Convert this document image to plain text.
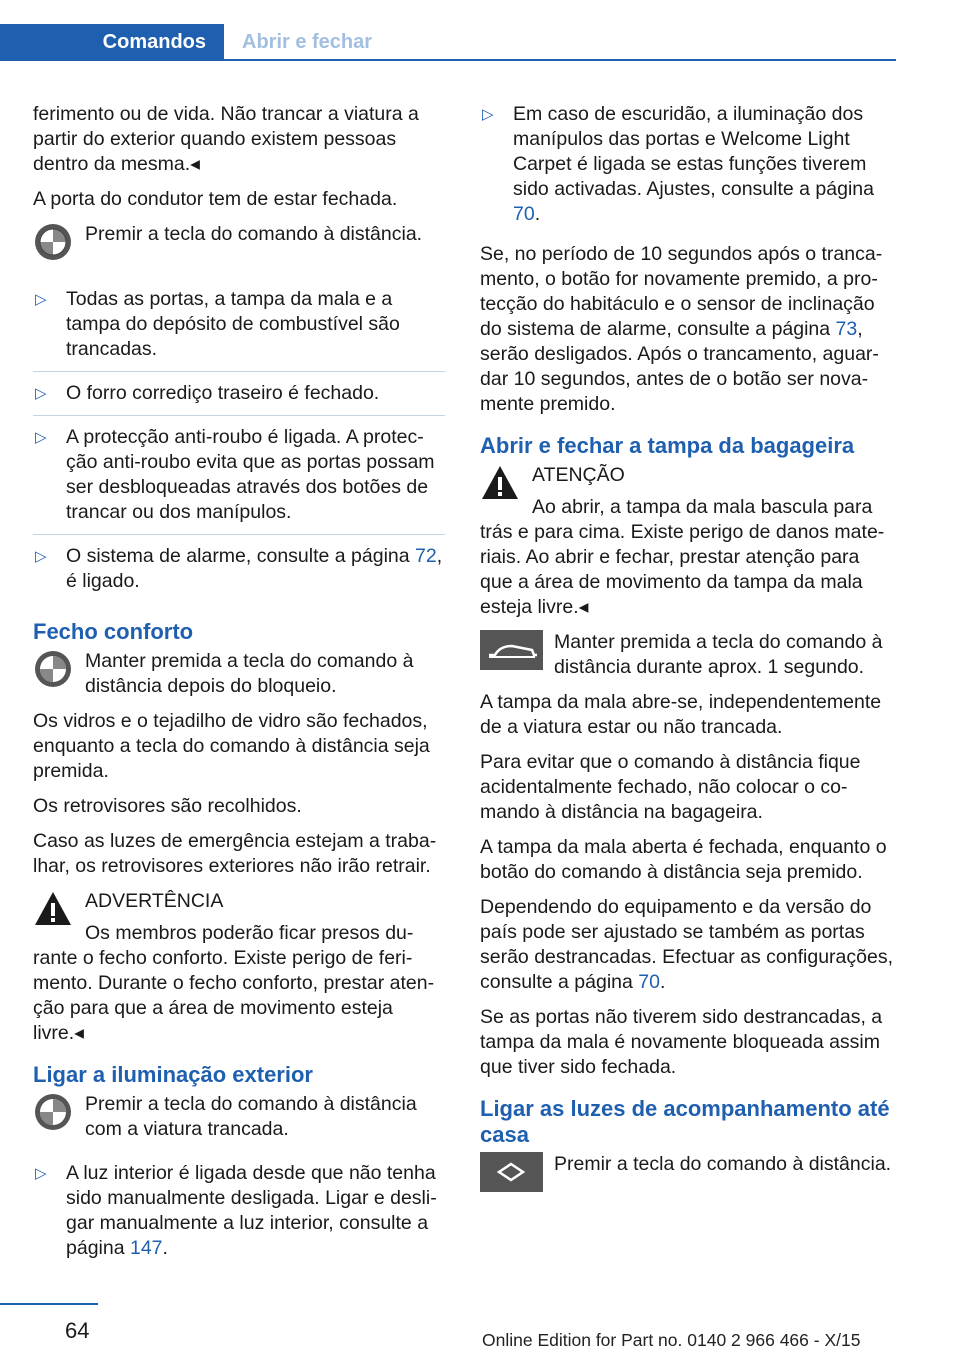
Comandos	Abrir e fechar
ferimento ou de vida. Não trancar a viatura a partir do exterior quando existem pessoas dentro da mesma.◂
A porta do condutor tem de estar fechada.
Premir a tecla do comando à distância.
▷ Todas as portas, a tampa da mala e a tampa do depósito de combustível são trancadas.
▷ O forro corrediço traseiro é fechado.
▷ A protecção anti-roubo é ligada. A protecção anti-roubo evita que as portas possam ser desbloqueadas através dos botões de trancar ou dos manípulos.
▷ O sistema de alarme, consulte a página 72, é ligado.
Fecho conforto
Manter premida a tecla do comando à distância depois do bloqueio.
Os vidros e o tejadilho de vidro são fechados, enquanto a tecla do comando à distância seja premida.
Os retrovisores são recolhidos.
Caso as luzes de emergência estejam a trabalhar, os retrovisores exteriores não irão retrair.
ADVERTÊNCIA
Os membros poderão ficar presos durante o fecho conforto. Existe perigo de ferimento. Durante o fecho conforto, prestar atenção para que a área de movimento esteja livre.◂
Ligar a iluminação exterior
Premir a tecla do comando à distância com a viatura trancada.
▷ A luz interior é ligada desde que não tenha sido manualmente desligada. Ligar e desligar manualmente a luz interior, consulte a página 147.
▷ Em caso de escuridão, a iluminação dos manípulos das portas e Welcome Light Carpet é ligada se estas funções tiverem sido activadas. Ajustes, consulte a página 70.
Se, no período de 10 segundos após o trancamento, o botão for novamente premido, a protecção do habitáculo e o sensor de inclinação do sistema de alarme, consulte a página 73, serão desligados. Após o trancamento, aguardar 10 segundos, antes de o botão ser novamente premido.
Abrir e fechar a tampa da bagageira
ATENÇÃO
Ao abrir, a tampa da mala bascula para trás e para cima. Existe perigo de danos materiais. Ao abrir e fechar, prestar atenção para que a área de movimento da tampa da mala esteja livre.◂
Manter premida a tecla do comando à distância durante aprox. 1 segundo.
A tampa da mala abre-se, independentemente de a viatura estar ou não trancada.
Para evitar que o comando à distância fique acidentalmente fechado, não colocar o comando à distância na bagageira.
A tampa da mala aberta é fechada, enquanto o botão do comando à distância seja premido.
Dependendo do equipamento e da versão do país pode ser ajustado se também as portas serão destrancadas. Efectuar as configurações, consulte a página 70.
Se as portas não tiverem sido destrancadas, a tampa da mala é novamente bloqueada assim que tiver sido fechada.
Ligar as luzes de acompanhamento até casa
Premir a tecla do comando à distância.
64	Online Edition for Part no. 0140 2 966 466 - X/15
